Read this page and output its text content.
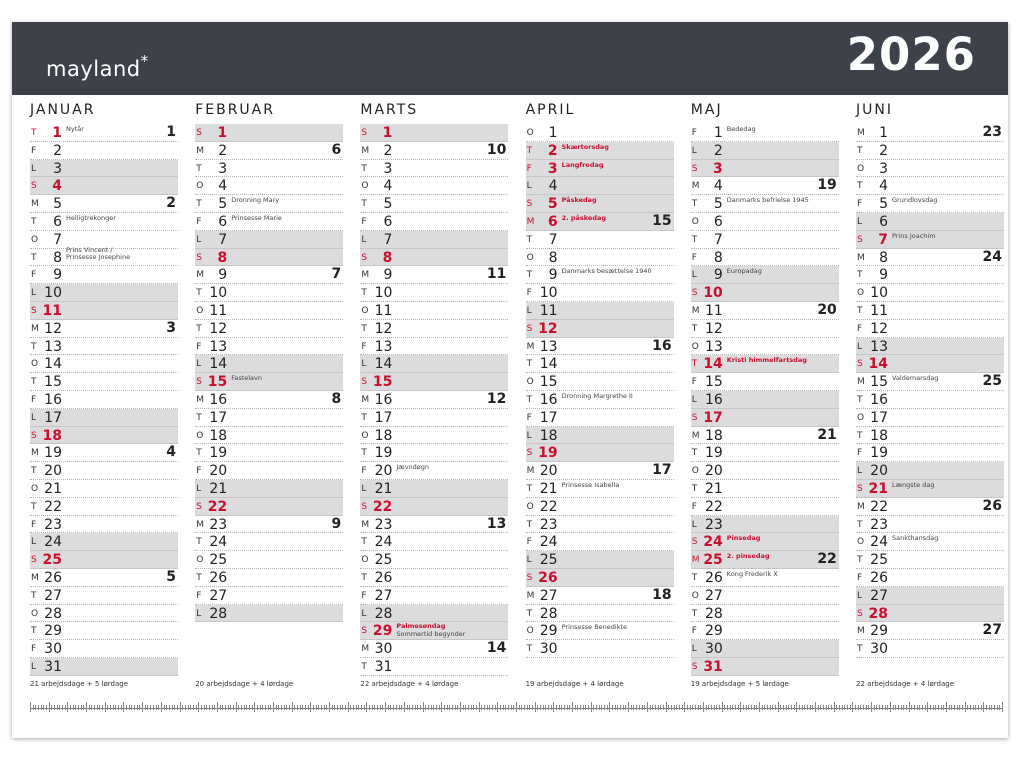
mayland*	2026
JANUAR
T	1 Nytår	1
F	2
L	3
S	4
M	5	2
T	6 Helligtrekonger
O	7
T	8 Prins Vincent /
Prinsesse Josephine
F	9
L 10
S 11
M 12	3
T 13
O 14
T 15
F 16
L 17
S 18
M 19	4
T 20
O 21
T 22
F 23
L 24
S 25
M 26	5
T 27
O 28
T 29
F 30
L 31
21 arbejdsdage + 5 lørdage
FEBRUAR
S	1
M	2	6
T	3
O	4
T	5 Dronning Mary
F	6 Prinsesse Marie
L	7
S	8
M	9	7
T 10
O 11
T 12
F 13
L 14
S 15 Fastelavn
M 16	8
T 17
O 18
T 19
F 20
L 21
S 22
M 23	9
T 24
O 25
T 26
F 27
L 28
20 arbejdsdage + 4 lørdage
MARTS
S	1
M	2	10
T	3
O	4
T	5
F	6
L	7
S	8
M	9	11
T 10
O 11
T 12
F 13
L 14
S 15
M 16	12
T 17
O 18
T 19
F 20 Jævndøgn
L 21
S 22
M 23	13
T 24
O 25
T 26
F 27
L 28
S 29 Palmesøndag
Sommertid begynder
M 30	14
T 31
22 arbejdsdage + 4 lørdage
APRIL
O	1
T	2 Skærtorsdag
F	3 Langfredag
L	4
S	5 Påskedag
M 6 2. påskedag	15
T	7
O	8
T	9 Danmarks besættelse 1940
F 10
L 11
S 12
M 13	16
T 14
O 15
T 16 Dronning Margrethe II
F 17
L 18
S 19
M 20	17
T 21 Prinsesse Isabella
O 22
T 23
F 24
L 25
S 26
M 27	18
T 28
O 29 Prinsesse Benedikte
T 30
19 arbejdsdage + 4 lørdage
MAJ
F	1 Bededag
L	2
S	3
M	4	19
T	5 Danmarks befrielse 1945
O	6
T	7
F	8
L	9 Europadag
S 10
M 11	20
T 12
O 13
T 14 Kristi himmelfartsdag
F 15
L 16
S 17
M 18	21
T 19
O 20
T 21
F 22
L 23
S 24 Pinsedag
M 25 2. pinsedag	22
T 26 Kong Frederik X
O 27
T 28
F 29
L 30
S 31
19 arbejdsdage + 5 lørdage
JUNI
M	1	23
T	2
O	3
T	4
F	5 Grundlovsdag
L	6
S	7 Prins Joachim
M	8	24
T	9
O 10
T 11
F 12
L 13
S 14
M 15 Valdemarsdag	25
T 16
O 17
T 18
F 19
L 20
S 21 Længste dag
M 22	26
T 23
O 24 Sankthansdag
T 25
F 26
L 27
S 28
M 29	27
T 30
22 arbejdsdage + 4 lørdage
